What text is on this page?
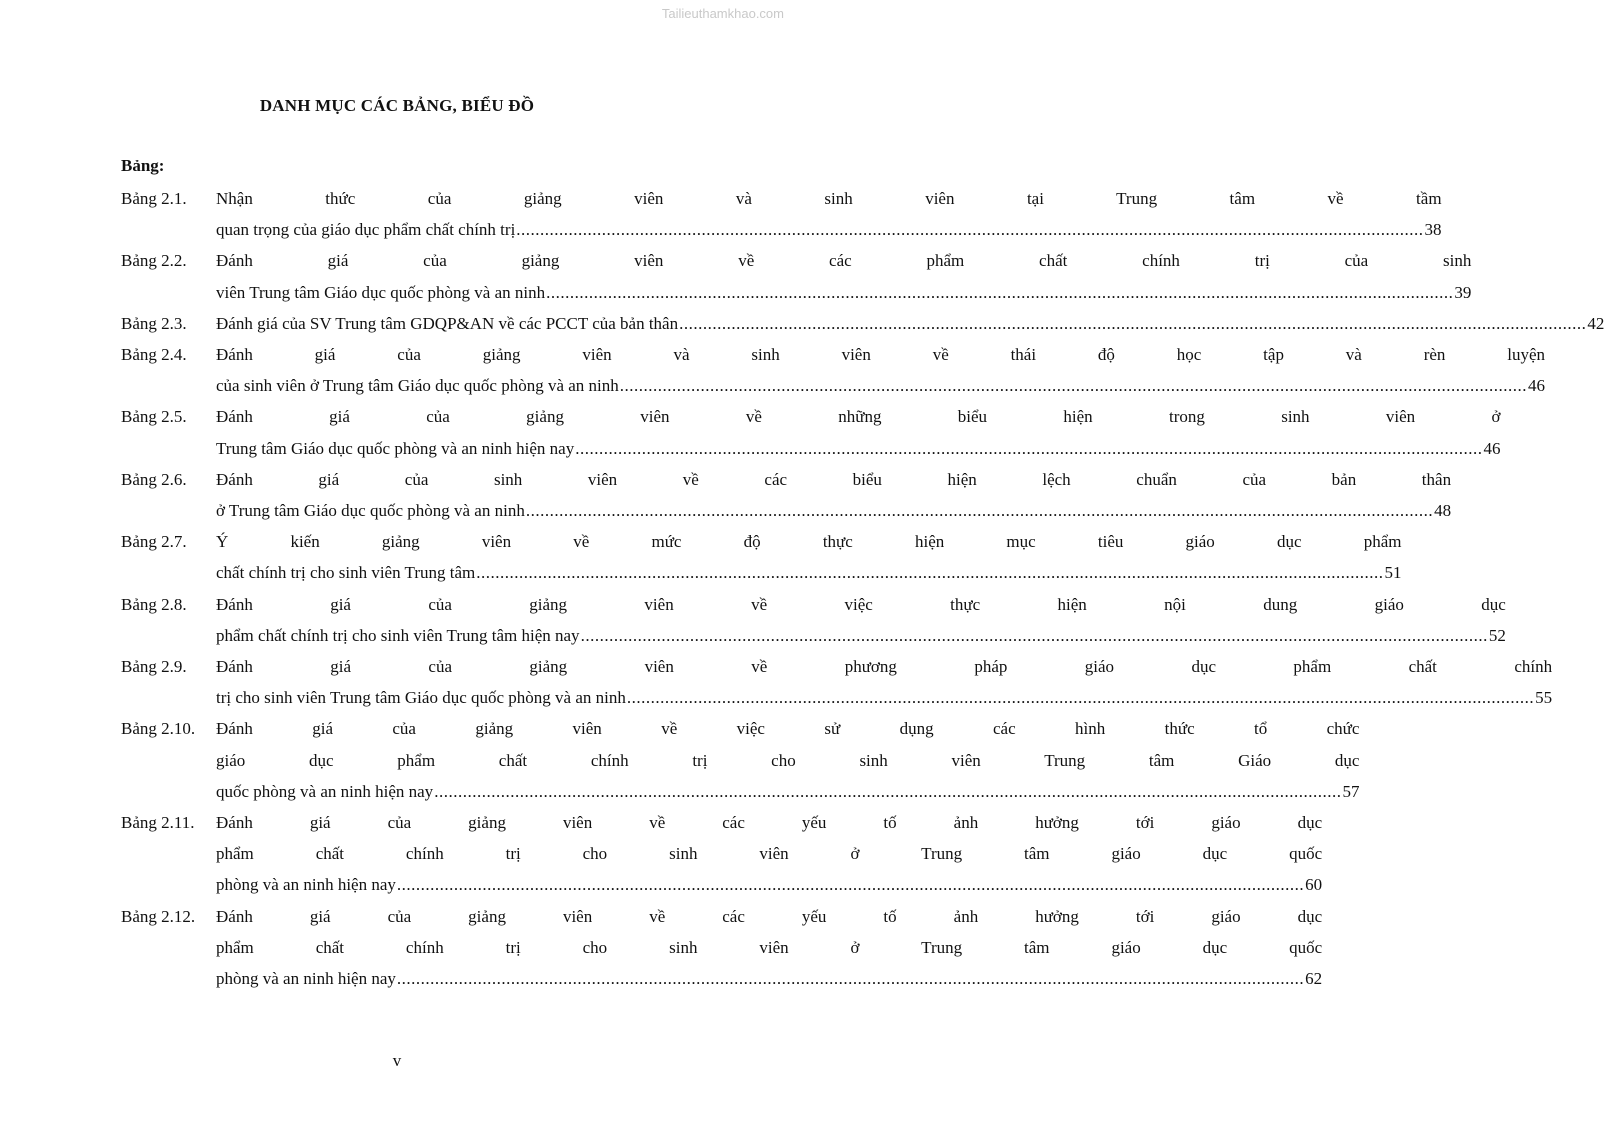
Tailieuthamkhao.com
DANH MỤC CÁC BẢNG, BIỂU ĐỒ
Bảng:
Bảng 2.1.	Nhận thức của giảng viên và sinh viên tại Trung tâm về tầm
quan trọng của giáo dục phẩm chất chính trị .....	38
Bảng 2.2.	Đánh giá của giảng viên về các phẩm chất chính trị của sinh
viên Trung tâm Giáo dục quốc phòng và an ninh .....	39
Bảng 2.3.	Đánh giá của SV Trung tâm GDQP&AN về các PCCT của bản thân .....	42
Bảng 2.4.	Đánh giá của giảng viên và sinh viên về thái độ học tập và rèn luyện
của sinh viên ở Trung tâm Giáo dục quốc phòng và an ninh .....	46
Bảng 2.5.	Đánh giá của giảng viên về những biểu hiện trong sinh viên ở
Trung tâm Giáo dục quốc phòng và an ninh hiện nay .....	46
Bảng 2.6.	Đánh giá của sinh viên về các biểu hiện lệch chuẩn của bản thân
ở Trung tâm Giáo dục quốc phòng và an ninh .....	48
Bảng 2.7.	Ý kiến giảng viên về mức độ thực hiện mục tiêu giáo dục phẩm
chất chính trị cho sinh viên Trung tâm .....	51
Bảng 2.8.	Đánh giá của giảng viên về việc thực hiện nội dung giáo dục
phẩm chất chính trị cho sinh viên Trung tâm hiện nay .....	52
Bảng 2.9.	Đánh giá của giảng viên về phương pháp giáo dục phẩm chất chính
trị cho sinh viên Trung tâm Giáo dục quốc phòng và an ninh .....	55
Bảng 2.10.	Đánh giá của giảng viên về việc sử dụng các hình thức tổ chức
giáo dục phẩm chất chính trị cho sinh viên Trung tâm Giáo dục
quốc phòng và an ninh hiện nay .....	57
Bảng 2.11.	Đánh giá của giảng viên về các yếu tố ảnh hưởng tới giáo dục
phẩm chất chính trị cho sinh viên ở Trung tâm giáo dục quốc
phòng và an ninh hiện nay .....	60
Bảng 2.12.	Đánh giá của giảng viên về các yếu tố ảnh hưởng tới giáo dục
phẩm chất chính trị cho sinh viên ở Trung tâm giáo dục quốc
phòng và an ninh hiện nay .....	62
v
